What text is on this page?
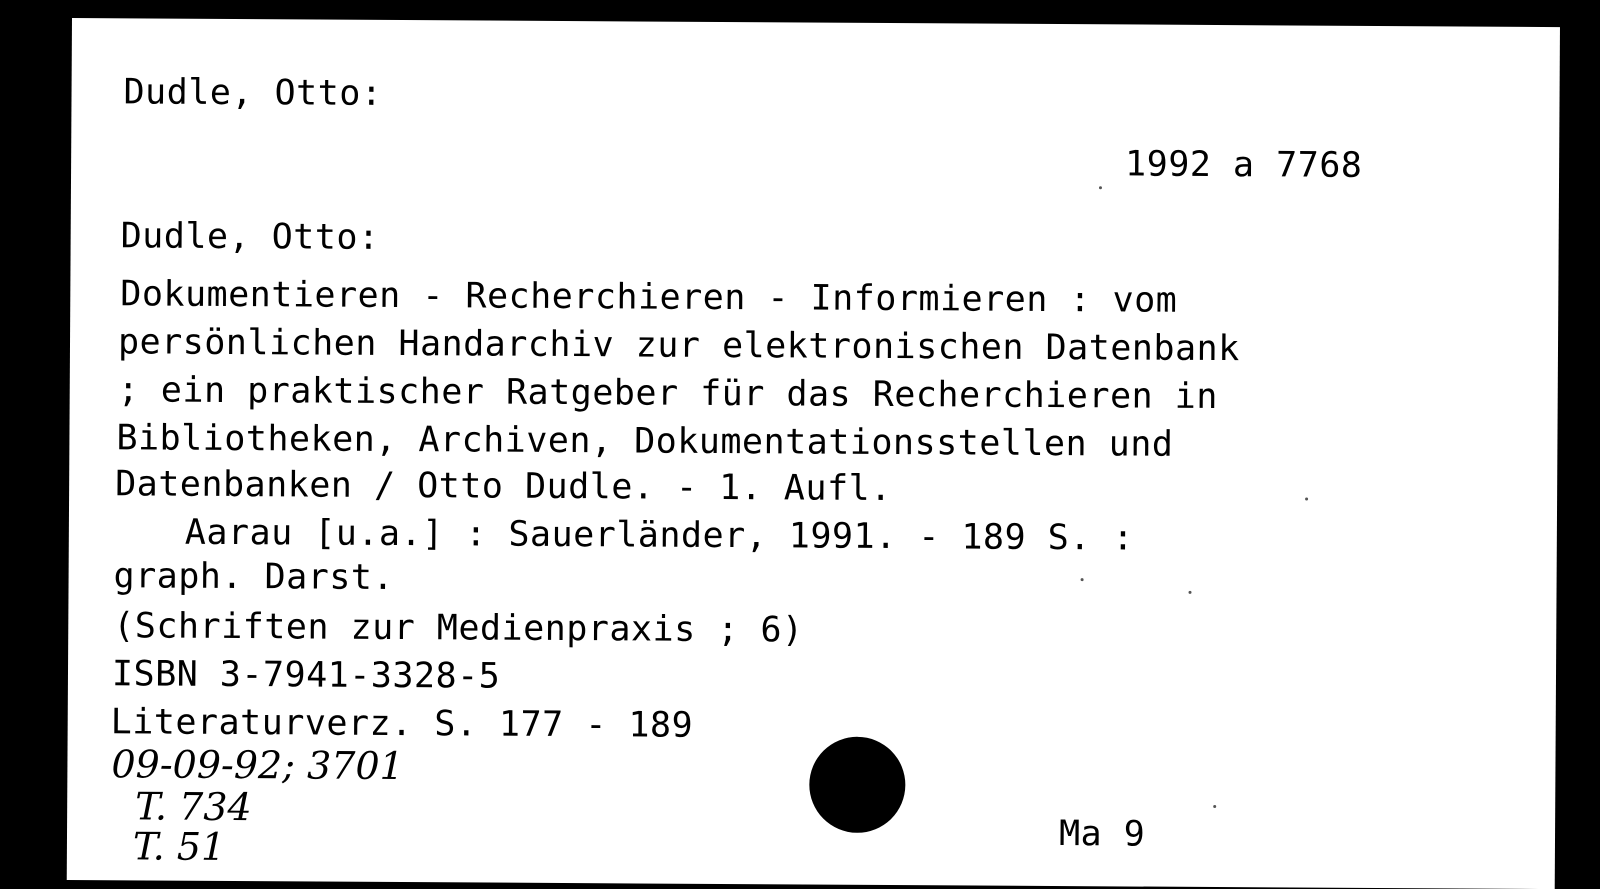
Dudle, Otto:
1992 a 7768
Dudle, Otto:
Dokumentieren - Recherchieren - Informieren : vom
persönlichen Handarchiv zur elektronischen Datenbank
; ein praktischer Ratgeber für das Recherchieren in
Bibliotheken, Archiven, Dokumentationsstellen und
Datenbanken / Otto Dudle. - 1. Aufl.
Aarau [u.a.] : Sauerländer, 1991. - 189 S. :
graph. Darst.
(Schriften zur Medienpraxis ; 6)
ISBN 3-7941-3328-5
Literaturverz. S. 177 - 189
09-09-92; 3701
T. 734
T. 51	Ma 9
